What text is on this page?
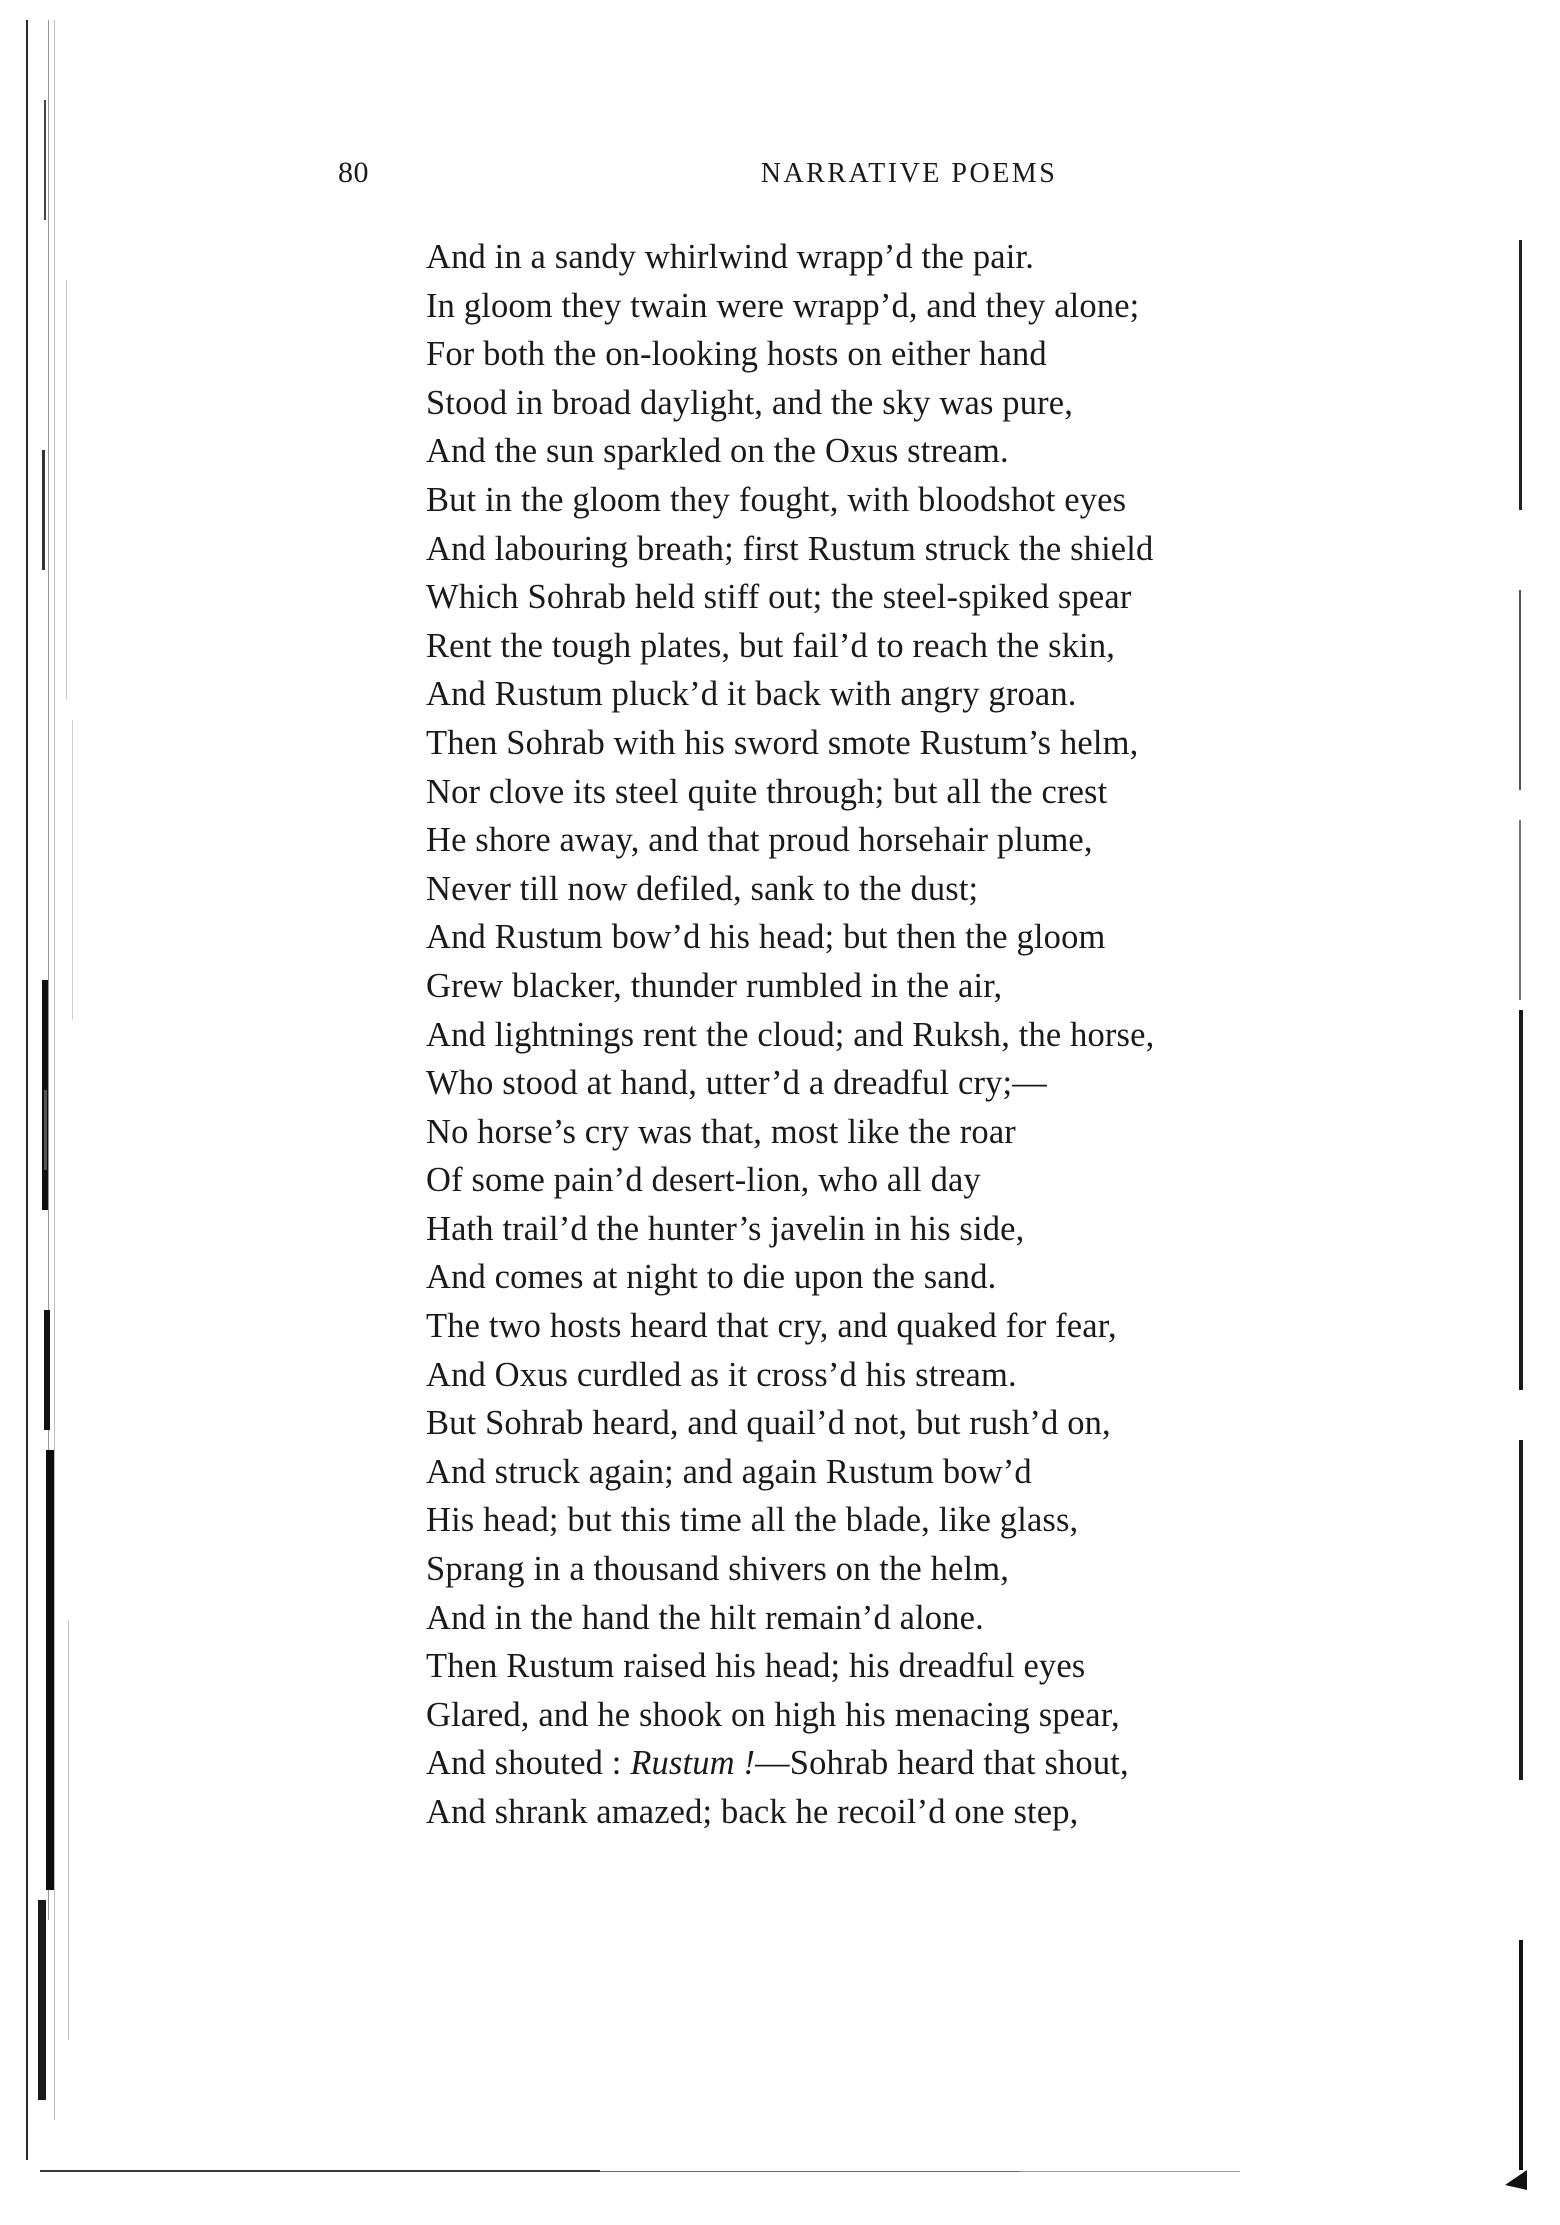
80	NARRATIVE POEMS
And in a sandy whirlwind wrapp’d the pair.
In gloom they twain were wrapp’d, and they alone;
For both the on-looking hosts on either hand
Stood in broad daylight, and the sky was pure,
And the sun sparkled on the Oxus stream.
But in the gloom they fought, with bloodshot eyes
And labouring breath; first Rustum struck the shield
Which Sohrab held stiff out; the steel-spiked spear
Rent the tough plates, but fail’d to reach the skin,
And Rustum pluck’d it back with angry groan.
Then Sohrab with his sword smote Rustum’s helm,
Nor clove its steel quite through; but all the crest
He shore away, and that proud horsehair plume,
Never till now defiled, sank to the dust;
And Rustum bow’d his head; but then the gloom
Grew blacker, thunder rumbled in the air,
And lightnings rent the cloud; and Ruksh, the horse,
Who stood at hand, utter’d a dreadful cry;—
No horse’s cry was that, most like the roar
Of some pain’d desert-lion, who all day
Hath trail’d the hunter’s javelin in his side,
And comes at night to die upon the sand.
The two hosts heard that cry, and quaked for fear,
And Oxus curdled as it cross’d his stream.
But Sohrab heard, and quail’d not, but rush’d on,
And struck again; and again Rustum bow’d
His head; but this time all the blade, like glass,
Sprang in a thousand shivers on the helm,
And in the hand the hilt remain’d alone.
Then Rustum raised his head; his dreadful eyes
Glared, and he shook on high his menacing spear,
And shouted : Rustum !—Sohrab heard that shout,
And shrank amazed; back he recoil’d one step,
